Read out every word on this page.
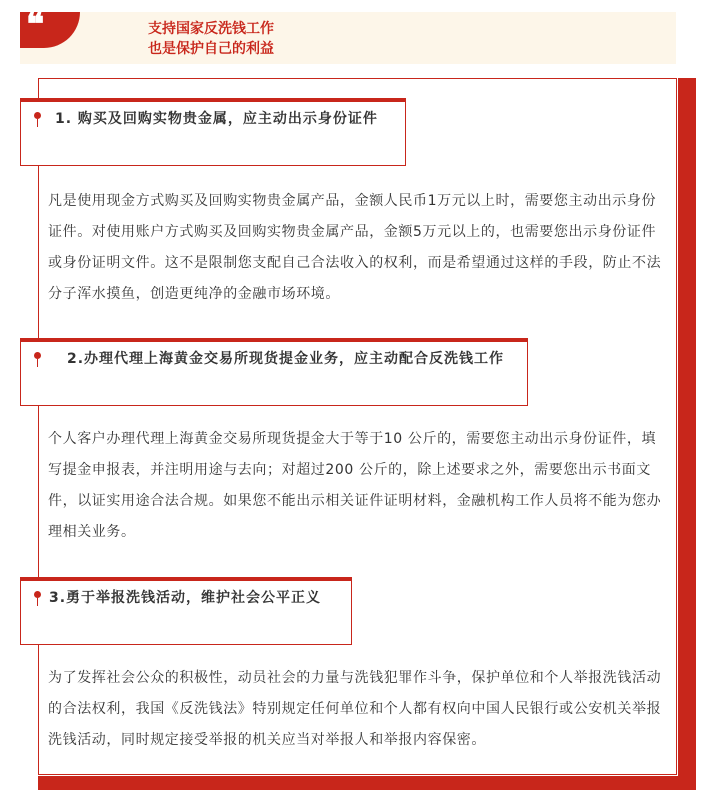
❝	支持国家反洗钱工作
也是保护自己的利益
1. 购买及回购实物贵金属，应主动出示身份证件
凡是使用现金方式购买及回购实物贵金属产品，金额人民币1万元以上时，需要您主动出示身份证件。对使用账户方式购买及回购实物贵金属产品，金额5万元以上的，也需要您出示身份证件或身份证明文件。这不是限制您支配自己合法收入的权利，而是希望通过这样的手段，防止不法分子浑水摸鱼，创造更纯净的金融市场环境。
2.办理代理上海黄金交易所现货提金业务，应主动配合反洗钱工作
个人客户办理代理上海黄金交易所现货提金大于等于10 公斤的，需要您主动出示身份证件，填写提金申报表，并注明用途与去向；对超过200 公斤的，除上述要求之外，需要您出示书面文件，以证实用途合法合规。如果您不能出示相关证件证明材料，金融机构工作人员将不能为您办理相关业务。
3.勇于举报洗钱活动，维护社会公平正义
为了发挥社会公众的积极性，动员社会的力量与洗钱犯罪作斗争，保护单位和个人举报洗钱活动的合法权利，我国《反洗钱法》特别规定任何单位和个人都有权向中国人民银行或公安机关举报洗钱活动，同时规定接受举报的机关应当对举报人和举报内容保密。
